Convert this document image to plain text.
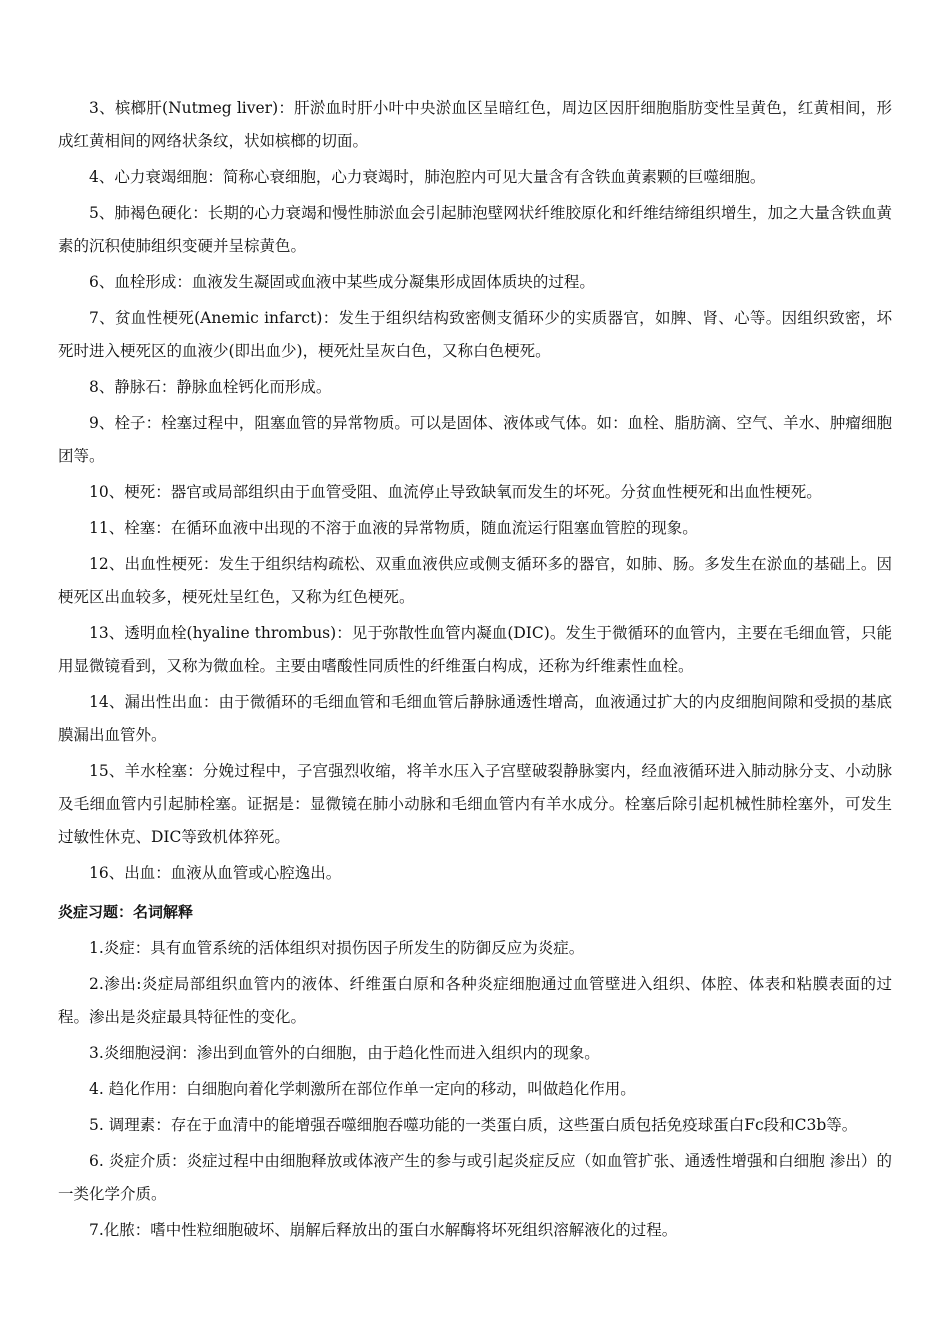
3、槟榔肝(Nutmeg liver)：肝淤血时肝小叶中央淤血区呈暗红色，周边区因肝细胞脂肪变性呈黄色，红黄相间，形成红黄相间的网络状条纹，状如槟榔的切面。

4、心力衰竭细胞：简称心衰细胞，心力衰竭时，肺泡腔内可见大量含有含铁血黄素颗的巨噬细胞。

5、肺褐色硬化：长期的心力衰竭和慢性肺淤血会引起肺泡壁网状纤维胶原化和纤维结缔组织增生，加之大量含铁血黄素的沉积使肺组织变硬并呈棕黄色。

6、血栓形成：血液发生凝固或血液中某些成分凝集形成固体质块的过程。

7、贫血性梗死(Anemic infarct)：发生于组织结构致密侧支循环少的实质器官，如脾、肾、心等。因组织致密，坏死时进入梗死区的血液少(即出血少)，梗死灶呈灰白色，又称白色梗死。

8、静脉石：静脉血栓钙化而形成。

9、栓子：栓塞过程中，阻塞血管的异常物质。可以是固体、液体或气体。如：血栓、脂肪滴、空气、羊水、肿瘤细胞团等。

10、梗死：器官或局部组织由于血管受阻、血流停止导致缺氧而发生的坏死。分贫血性梗死和出血性梗死。

11、栓塞：在循环血液中出现的不溶于血液的异常物质，随血流运行阻塞血管腔的现象。

12、出血性梗死：发生于组织结构疏松、双重血液供应或侧支循环多的器官，如肺、肠。多发生在淤血的基础上。因梗死区出血较多，梗死灶呈红色，又称为红色梗死。

13、透明血栓(hyaline thrombus)：见于弥散性血管内凝血(DIC)。发生于微循环的血管内，主要在毛细血管，只能用显微镜看到，又称为微血栓。主要由嗜酸性同质性的纤维蛋白构成，还称为纤维素性血栓。

14、漏出性出血：由于微循环的毛细血管和毛细血管后静脉通透性增高，血液通过扩大的内皮细胞间隙和受损的基底膜漏出血管外。

15、羊水栓塞：分娩过程中，子宫强烈收缩，将羊水压入子宫壁破裂静脉窦内，经血液循环进入肺动脉分支、小动脉及毛细血管内引起肺栓塞。证据是：显微镜在肺小动脉和毛细血管内有羊水成分。栓塞后除引起机械性肺栓塞外，可发生过敏性休克、DIC等致机体猝死。

16、出血：血液从血管或心腔逸出。

炎症习题：名词解释

1.炎症：具有血管系统的活体组织对损伤因子所发生的防御反应为炎症。

2.渗出:炎症局部组织血管内的液体、纤维蛋白原和各种炎症细胞通过血管壁进入组织、体腔、体表和粘膜表面的过程。渗出是炎症最具特征性的变化。

3.炎细胞浸润：渗出到血管外的白细胞，由于趋化性而进入组织内的现象。

4. 趋化作用：白细胞向着化学刺激所在部位作单一定向的移动，叫做趋化作用。

5. 调理素：存在于血清中的能增强吞噬细胞吞噬功能的一类蛋白质，这些蛋白质包括免疫球蛋白Fc段和C3b等。

6. 炎症介质：炎症过程中由细胞释放或体液产生的参与或引起炎症反应（如血管扩张、通透性增强和白细胞 渗出）的一类化学介质。

7.化脓：嗜中性粒细胞破坏、崩解后释放出的蛋白水解酶将坏死组织溶解液化的过程。
